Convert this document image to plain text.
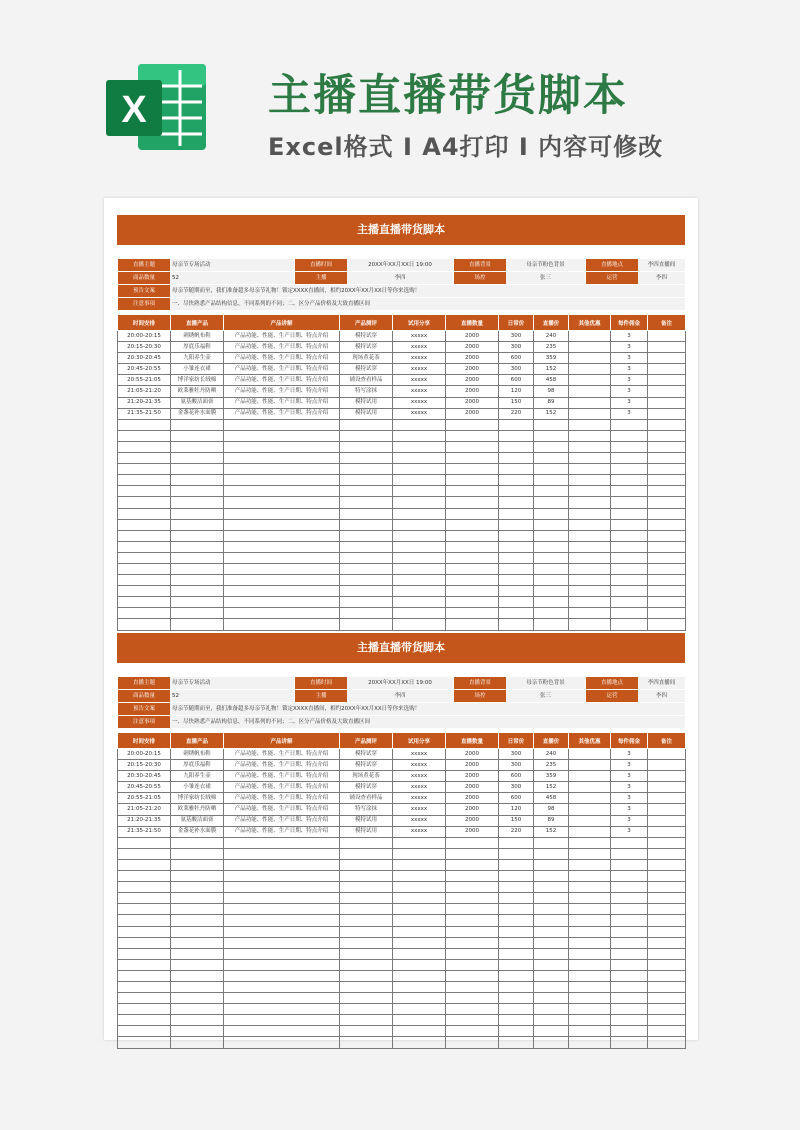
X	主播直播带货脚本
Excel格式 I A4打印 I 内容可修改
主播直播带货脚本
直播主题	母亲节专场活动	直播时间	20XX年XX月XX日 19:00	直播背景	母亲节粉色背景	直播地点	李四直播间
商品数量	52	主播	李四	场控	张三	运营	李四
预告文案	母亲节随期而至，我们准备超多母亲节礼物！锁定XXXX直播间，相约20XX年XX月XX日等你来选购！
注意事项	一、尽快熟悉产品结构信息，不同系列的不同；二、区分产品价格及大致直播区间
时间安排	直播产品	产品讲解	产品测评	试用分享	直播数量	日常价	直播价	其他优惠	每件佣金	备注
20:00-20:15	刺绣帆布鞋	产品功能、性能、生产日期、特点介绍	模特试穿	xxxxx	2000	300	240		3	
20:15-20:30	厚底乐福鞋	产品功能、性能、生产日期、特点介绍	模特试穿	xxxxx	2000	300	235		3	
20:30-20:45	九阳养生壶	产品功能、性能、生产日期、特点介绍	现场煮花茶	xxxxx	2000	600	359		3	
20:45-20:55	小雏连衣裙	产品功能、性能、生产日期、特点介绍	模特试穿	xxxxx	2000	300	152		3	
20:55-21:05	博洋家纺长绒棉	产品功能、性能、生产日期、特点介绍	铺设查看样品	xxxxx	2000	600	458		3	
21:05-21:20	欧莱雅牡丹防晒	产品功能、性能、生产日期、特点介绍	特写涂抹	xxxxx	2000	120	98		3	
21:20-21:35	氨基酸洁面膏	产品功能、性能、生产日期、特点介绍	模特试用	xxxxx	2000	150	89		3	
21:35-21:50	金盏花补水面膜	产品功能、性能、生产日期、特点介绍	模特试用	xxxxx	2000	220	152		3	

主播直播带货脚本
直播主题	母亲节专场活动	直播时间	20XX年XX月XX日 19:00	直播背景	母亲节粉色背景	直播地点	李四直播间
商品数量	52	主播	李四	场控	张三	运营	李四
预告文案	母亲节随期而至，我们准备超多母亲节礼物！锁定XXXX直播间，相约20XX年XX月XX日等你来选购！
注意事项	一、尽快熟悉产品结构信息，不同系列的不同；二、区分产品价格及大致直播区间
时间安排	直播产品	产品讲解	产品测评	试用分享	直播数量	日常价	直播价	其他优惠	每件佣金	备注
20:00-20:15	刺绣帆布鞋	产品功能、性能、生产日期、特点介绍	模特试穿	xxxxx	2000	300	240		3	
20:15-20:30	厚底乐福鞋	产品功能、性能、生产日期、特点介绍	模特试穿	xxxxx	2000	300	235		3	
20:30-20:45	九阳养生壶	产品功能、性能、生产日期、特点介绍	现场煮花茶	xxxxx	2000	600	359		3	
20:45-20:55	小雏连衣裙	产品功能、性能、生产日期、特点介绍	模特试穿	xxxxx	2000	300	152		3	
20:55-21:05	博洋家纺长绒棉	产品功能、性能、生产日期、特点介绍	铺设查看样品	xxxxx	2000	600	458		3	
21:05-21:20	欧莱雅牡丹防晒	产品功能、性能、生产日期、特点介绍	特写涂抹	xxxxx	2000	120	98		3	
21:20-21:35	氨基酸洁面膏	产品功能、性能、生产日期、特点介绍	模特试用	xxxxx	2000	150	89		3	
21:35-21:50	金盏花补水面膜	产品功能、性能、生产日期、特点介绍	模特试用	xxxxx	2000	220	152		3	
